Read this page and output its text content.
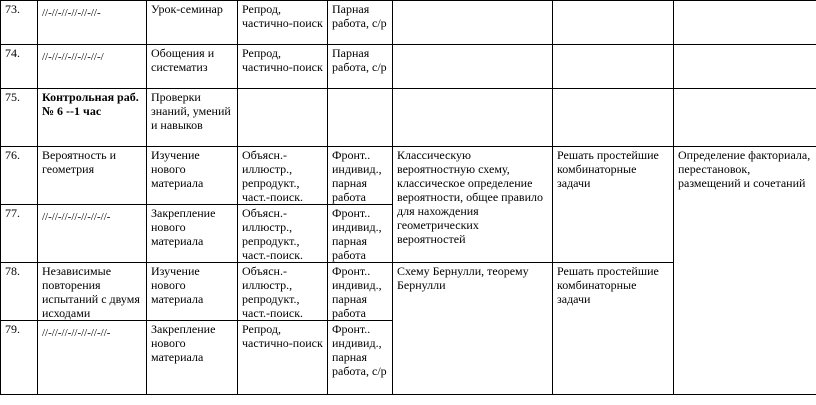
73.	//-//-//-//-//-//-	Урок-семинар	Репрод, частично-поиск	Парная работа, с/р			
74.	//-//-//-//-//-//-/	Обощения и систематиз	Репрод, частично-поиск	Парная работа, с/р			
75.	Контрольная раб. № 6 --1 час	Проверки знаний, умений и навыков					
76.	Вероятность и геометрия	Изучение нового материала	Объясн.-иллюстр., репродукт., част.-поиск.	Фронт.. индивид., парная работа	Классическую вероятностную схему, классическое определение вероятности, общее правило для нахождения геометрических вероятностей	Решать простейшие комбинаторные задачи	Определение факториала, перестановок, размещений и сочетаний
77.	//-//-//-//-//-//-//-	Закрепление нового материала	Объясн.-иллюстр., репродукт., част.-поиск.	Фронт.. индивид., парная работа			
78.	Независимые повторения испытаний с двумя исходами	Изучение нового материала	Объясн.-иллюстр., репродукт., част.-поиск.	Фронт.. индивид., парная работа	Схему Бернулли, теорему Бернулли	Решать простейшие комбинаторные задачи	
79.	//-//-//-//-//-//-//-	Закрепление нового материала	Репрод, частично-поиск	Фронт.. индивид., парная работа, с/р			
